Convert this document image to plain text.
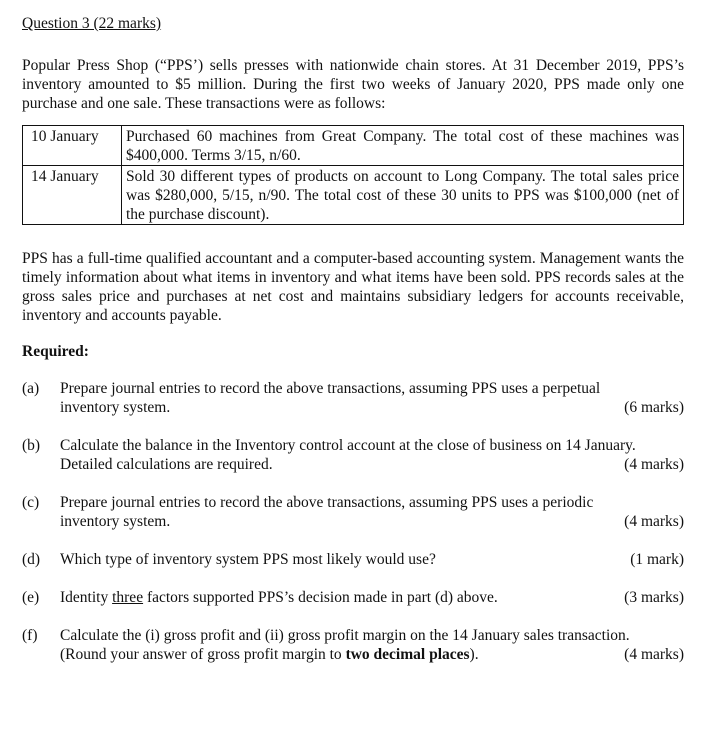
Question 3 (22 marks)

Popular Press Shop (“PPS’) sells presses with nationwide chain stores. At 31 December 2019, PPS’s inventory amounted to $5 million. During the first two weeks of January 2020, PPS made only one purchase and one sale. These transactions were as follows:

10 January	Purchased 60 machines from Great Company. The total cost of these machines was $400,000. Terms 3/15, n/60.
14 January	Sold 30 different types of products on account to Long Company. The total sales price was $280,000, 5/15, n/90. The total cost of these 30 units to PPS was $100,000 (net of the purchase discount).

PPS has a full-time qualified accountant and a computer-based accounting system. Management wants the timely information about what items in inventory and what items have been sold. PPS records sales at the gross sales price and purchases at net cost and maintains subsidiary ledgers for accounts receivable, inventory and accounts payable.

Required:
(a)	Prepare journal entries to record the above transactions, assuming PPS uses a perpetual
inventory system.	(6 marks)
(b)	Calculate the balance in the Inventory control account at the close of business on 14 January.
Detailed calculations are required.	(4 marks)
(c)	Prepare journal entries to record the above transactions, assuming PPS uses a periodic
inventory system.	(4 marks)
(d)	Which type of inventory system PPS most likely would use?	(1 mark)
(e)	Identity three factors supported PPS’s decision made in part (d) above.	(3 marks)
(f)	Calculate the (i) gross profit and (ii) gross profit margin on the 14 January sales transaction.
(Round your answer of gross profit margin to two decimal places).	(4 marks)
